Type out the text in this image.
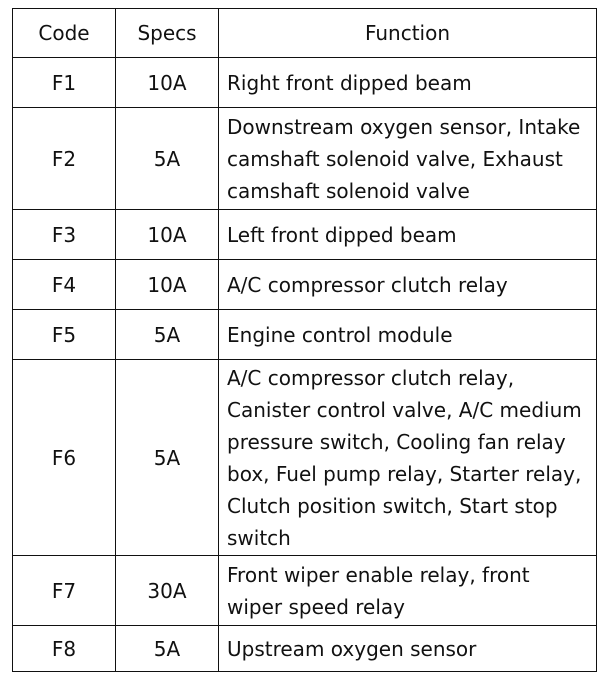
Code	Specs	Function
F1	10A	Right front dipped beam
F2	5A	Downstream oxygen sensor, Intake camshaft solenoid valve, Exhaust camshaft solenoid valve
F3	10A	Left front dipped beam
F4	10A	A/C compressor clutch relay
F5	5A	Engine control module
F6	5A	A/C compressor clutch relay, Canister control valve, A/C medium pressure switch, Cooling fan relay box, Fuel pump relay, Starter relay, Clutch position switch, Start stop switch
F7	30A	Front wiper enable relay, front wiper speed relay
F8	5A	Upstream oxygen sensor
